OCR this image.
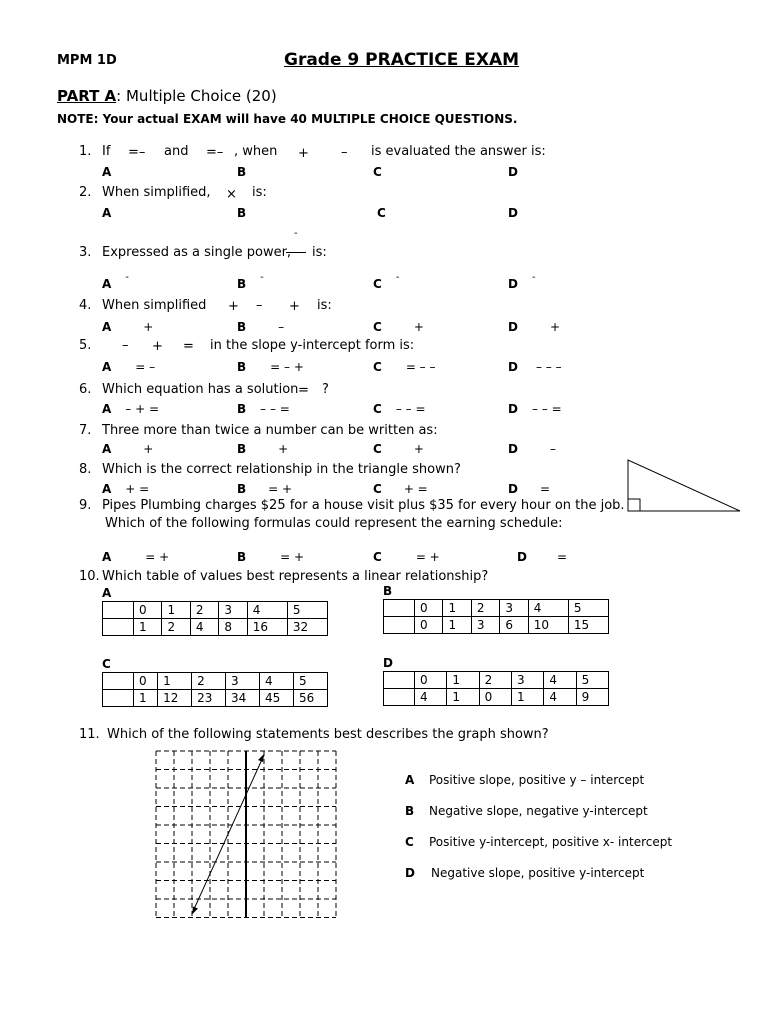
MPM 1D	Grade 9 PRACTICE EXAM
PART A: Multiple Choice (20)
NOTE: Your actual EXAM will have 40 MULTIPLE CHOICE QUESTIONS.
1. If =– and =– , when + – is evaluated the answer is:
A	B	C	D
2. When simplified, × is:
A	B	C	D
-
3. Expressed as a single power, is:
A -	B -	C -	D -
4. When simplified + – + is:
A	+	B	–	C	+	D	+
5. – + = in the slope y-intercept form is:
A = –	B = – +	C = – –	D – – –
6. Which equation has a solution = ?
A – + =	B – – =	C – – =	D – – =
7. Three more than twice a number can be written as:
A	+	B	+	C	+	D	–
8. Which is the correct relationship in the triangle shown?
A + =	B = +	C + =	D =
9. Pipes Plumbing charges $25 for a house visit plus $35 for every hour on the job.
Which of the following formulas could represent the earning schedule:
A	= +	B	= +	C	= +	D	=
10. Which table of values best represents a linear relationship?
A
	0	1	2	3	4	5
	1	2	4	8	16	32
B
	0	1	2	3	4	5
	0	1	3	6	10	15
C
	0	1	2	3	4	5
	1	12	23	34	45	56
D
	0	1	2	3	4	5
	4	1	0	1	4	9
11. Which of the following statements best describes the graph shown?
A Positive slope, positive y – intercept
B Negative slope, negative y-intercept
C Positive y-intercept, positive x- intercept
D Negative slope, positive y-intercept
